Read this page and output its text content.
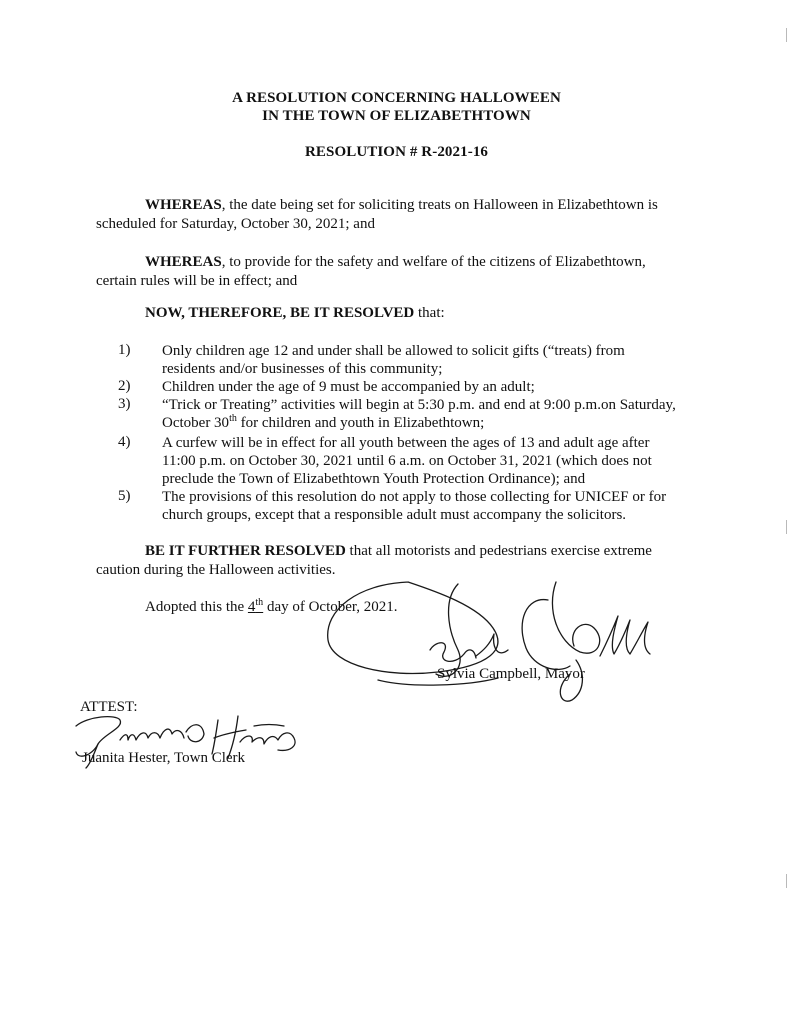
A RESOLUTION CONCERNING HALLOWEEN
IN THE TOWN OF ELIZABETHTOWN
RESOLUTION # R-2021-16
WHEREAS, the date being set for soliciting treats on Halloween in Elizabethtown is
scheduled for Saturday, October 30, 2021; and
WHEREAS, to provide for the safety and welfare of the citizens of Elizabethtown,
certain rules will be in effect; and
NOW, THEREFORE, BE IT RESOLVED that:
1)	Only children age 12 and under shall be allowed to solicit gifts (“treats) from
residents and/or businesses of this community;
2)	Children under the age of 9 must be accompanied by an adult;
3)	“Trick or Treating” activities will begin at 5:30 p.m. and end at 9:00 p.m.on Saturday,
October 30th for children and youth in Elizabethtown;
4)	A curfew will be in effect for all youth between the ages of 13 and adult age after
11:00 p.m. on October 30, 2021 until 6 a.m. on October 31, 2021 (which does not
preclude the Town of Elizabethtown Youth Protection Ordinance); and
5)	The provisions of this resolution do not apply to those collecting for UNICEF or for
church groups, except that a responsible adult must accompany the solicitors.
BE IT FURTHER RESOLVED that all motorists and pedestrians exercise extreme
caution during the Halloween activities.
Adopted this the 4th day of October, 2021.
Sylvia Campbell, Mayor
ATTEST:
Juanita Hester, Town Clerk
